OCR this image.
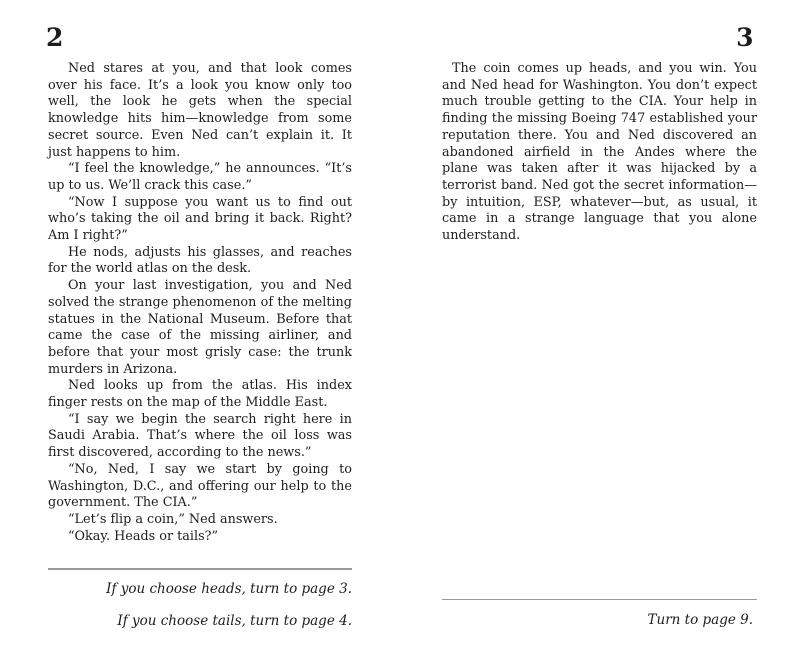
2

Ned stares at you, and that look comes over his face. It’s a look you know only too well, the look he gets when the special knowledge hits him—knowledge from some secret source. Even Ned can’t explain it. It just happens to him.

“I feel the knowledge,” he announces. “It’s up to us. We’ll crack this case.”

“Now I suppose you want us to find out who’s taking the oil and bring it back. Right? Am I right?”

He nods, adjusts his glasses, and reaches for the world atlas on the desk.

On your last investigation, you and Ned solved the strange phenomenon of the melting statues in the National Museum. Before that came the case of the missing airliner, and before that your most grisly case: the trunk murders in Arizona.

Ned looks up from the atlas. His index finger rests on the map of the Middle East.

“I say we begin the search right here in Saudi Arabia. That’s where the oil loss was first discovered, according to the news.”

“No, Ned, I say we start by going to Washington, D.C., and offering our help to the government. The CIA.”

“Let’s flip a coin,” Ned answers.

“Okay. Heads or tails?”

If you choose heads, turn to page 3.

If you choose tails, turn to page 4.

3

The coin comes up heads, and you win. You and Ned head for Washington. You don’t expect much trouble getting to the CIA. Your help in finding the missing Boeing 747 established your reputation there. You and Ned discovered an abandoned airfield in the Andes where the plane was taken after it was hijacked by a terrorist band. Ned got the secret information—by intuition, ESP, whatever—but, as usual, it came in a strange language that you alone understand.

Turn to page 9.
